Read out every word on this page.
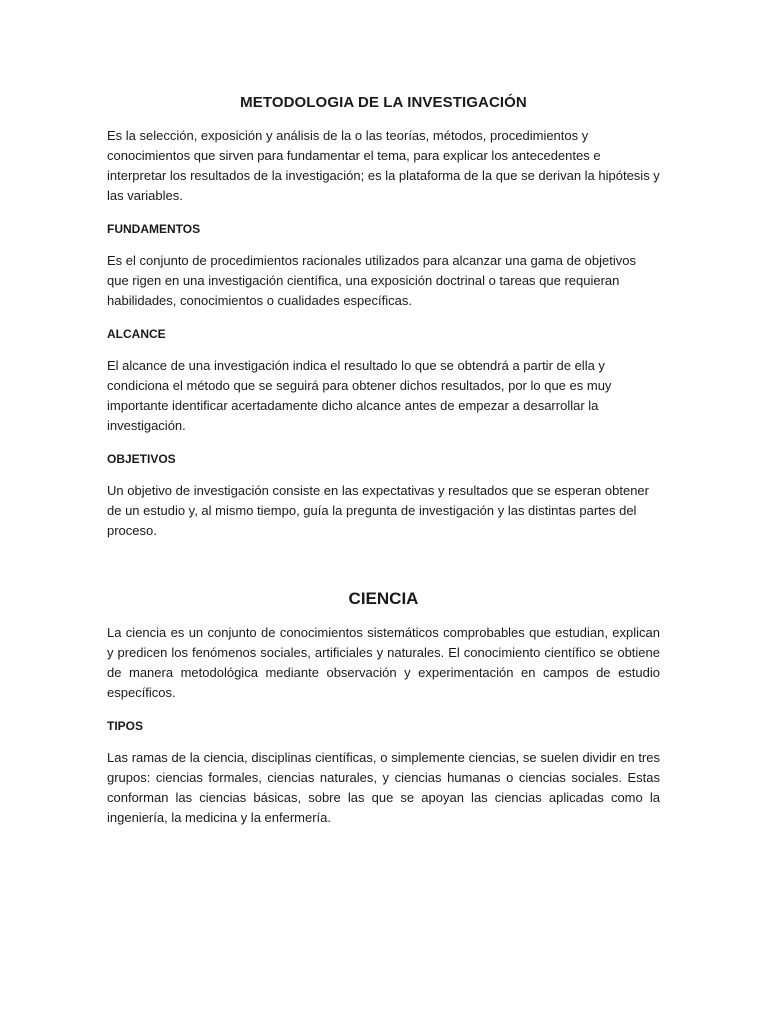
METODOLOGIA DE LA INVESTIGACIÓN

Es la selección, exposición y análisis de la o las teorías, métodos, procedimientos y conocimientos que sirven para fundamentar el tema, para explicar los antecedentes e interpretar los resultados de la investigación; es la plataforma de la que se derivan la hipótesis y las variables.

FUNDAMENTOS

Es el conjunto de procedimientos racionales utilizados para alcanzar una gama de objetivos que rigen en una investigación científica, una exposición doctrinal o tareas que requieran habilidades, conocimientos o cualidades específicas.

ALCANCE

El alcance de una investigación indica el resultado lo que se obtendrá a partir de ella y condiciona el método que se seguirá para obtener dichos resultados, por lo que es muy importante identificar acertadamente dicho alcance antes de empezar a desarrollar la investigación.

OBJETIVOS

Un objetivo de investigación consiste en las expectativas y resultados que se esperan obtener de un estudio y, al mismo tiempo, guía la pregunta de investigación y las distintas partes del proceso.

CIENCIA

La ciencia es un conjunto de conocimientos sistemáticos comprobables que estudian, explican y predicen los fenómenos sociales, artificiales y naturales. El conocimiento científico se obtiene de manera metodológica mediante observación y experimentación en campos de estudio específicos.

TIPOS

Las ramas de la ciencia, disciplinas científicas, o simplemente ciencias, se suelen dividir en tres grupos: ciencias formales, ciencias naturales, y ciencias humanas o ciencias sociales. Estas conforman las ciencias básicas, sobre las que se apoyan las ciencias aplicadas como la ingeniería, la medicina y la enfermería.
